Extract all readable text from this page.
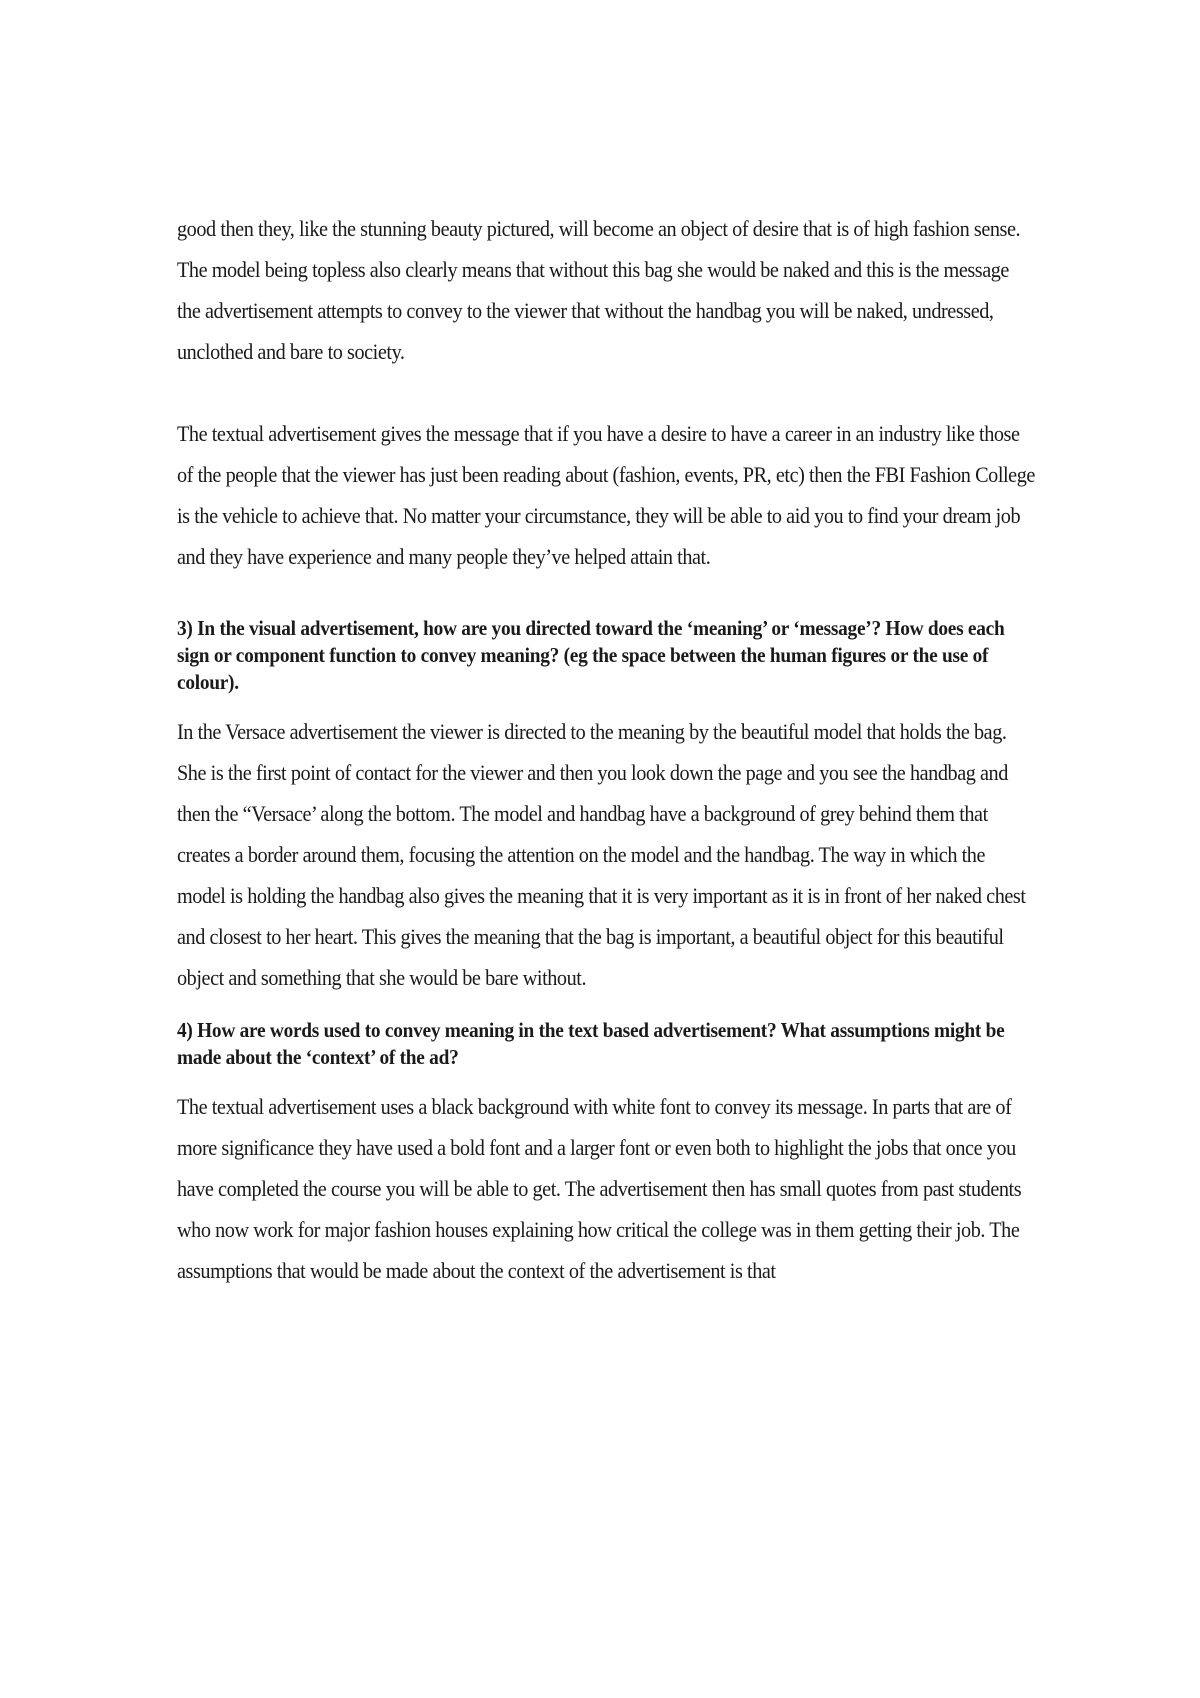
good then they, like the stunning beauty pictured, will become an object of desire that is of high fashion sense. The model being topless also clearly means that without this bag she would be naked and this is the message the advertisement attempts to convey to the viewer that without the handbag you will be naked, undressed, unclothed and bare to society.

The textual advertisement gives the message that if you have a desire to have a career in an industry like those of the people that the viewer has just been reading about (fashion, events, PR, etc) then the FBI Fashion College is the vehicle to achieve that. No matter your circumstance, they will be able to aid you to find your dream job and they have experience and many people they’ve helped attain that.

3) In the visual advertisement, how are you directed toward the ‘meaning’ or ‘message’? How does each sign or component function to convey meaning? (eg the space between the human figures or the use of colour).

In the Versace advertisement the viewer is directed to the meaning by the beautiful model that holds the bag. She is the first point of contact for the viewer and then you look down the page and you see the handbag and then the “Versace’ along the bottom. The model and handbag have a background of grey behind them that creates a border around them, focusing the attention on the model and the handbag. The way in which the model is holding the handbag also gives the meaning that it is very important as it is in front of her naked chest and closest to her heart. This gives the meaning that the bag is important, a beautiful object for this beautiful object and something that she would be bare without.

4) How are words used to convey meaning in the text based advertisement? What assumptions might be made about the ‘context’ of the ad?

The textual advertisement uses a black background with white font to convey its message. In parts that are of more significance they have used a bold font and a larger font or even both to highlight the jobs that once you have completed the course you will be able to get. The advertisement then has small quotes from past students who now work for major fashion houses explaining how critical the college was in them getting their job. The assumptions that would be made about the context of the advertisement is that
